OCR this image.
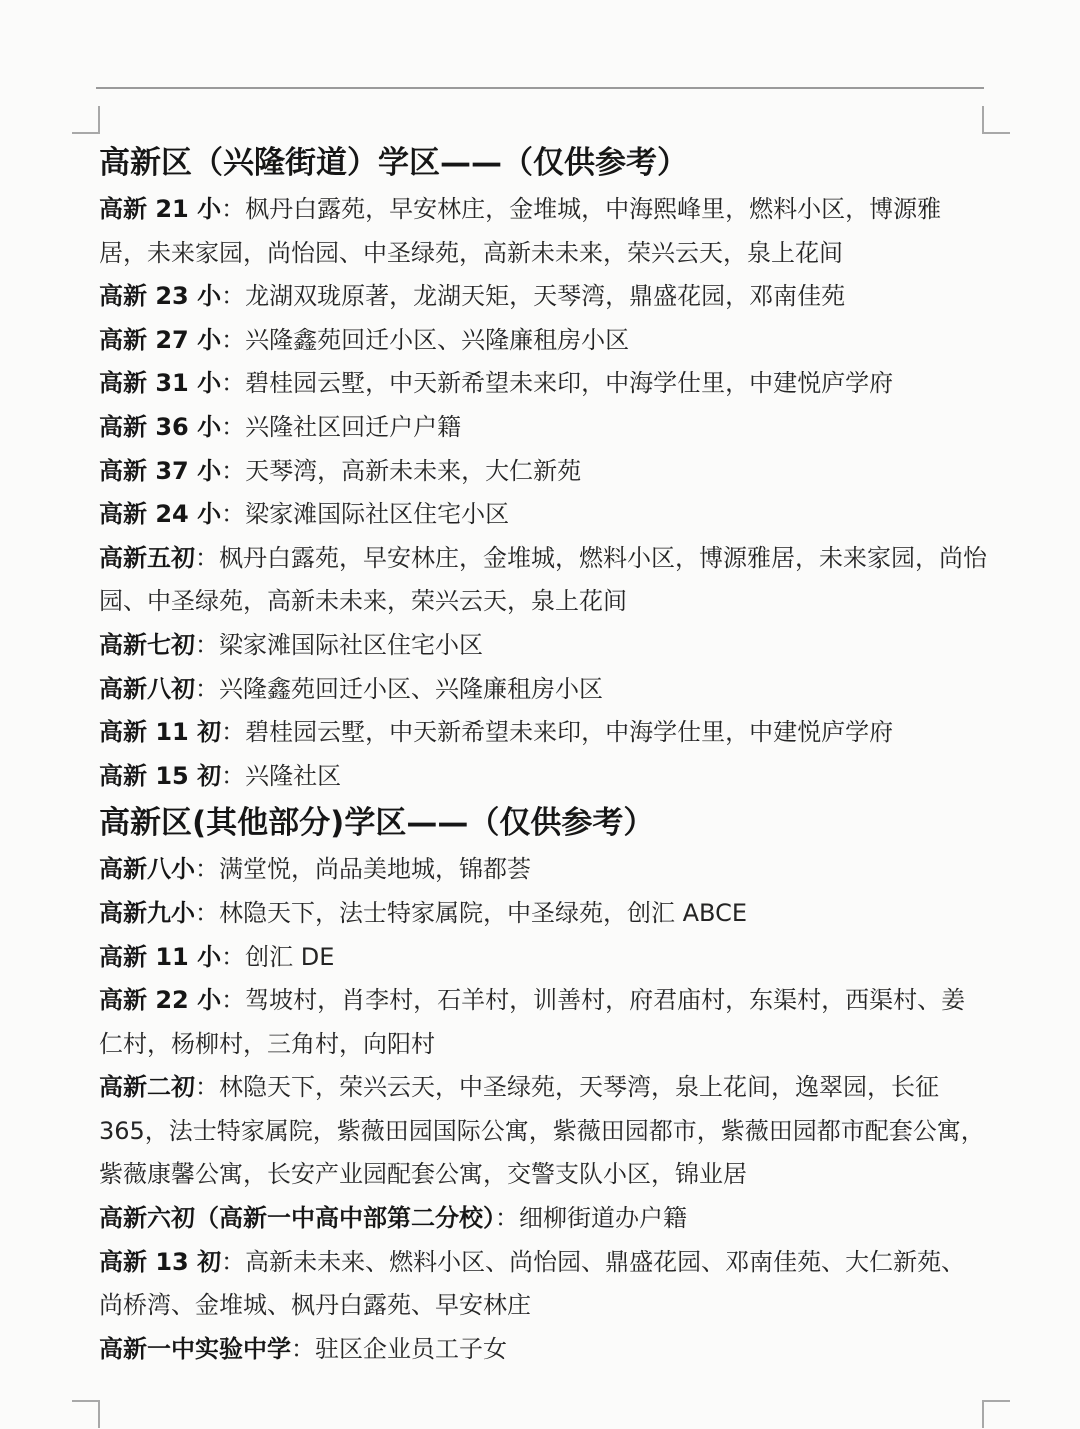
高新区（兴隆街道）学区——（仅供参考）

高新 21 小：枫丹白露苑，早安林庄，金堆城，中海熙峰里，燃料小区，博源雅居，未来家园，尚怡园、中圣绿苑，高新未未来，荣兴云天，泉上花间

高新 23 小：龙湖双珑原著，龙湖天矩，天琴湾，鼎盛花园，邓南佳苑

高新 27 小：兴隆鑫苑回迁小区、兴隆廉租房小区

高新 31 小：碧桂园云墅，中天新希望未来印，中海学仕里，中建悦庐学府

高新 36 小：兴隆社区回迁户户籍

高新 37 小：天琴湾，高新未未来，大仁新苑

高新 24 小：梁家滩国际社区住宅小区

高新五初：枫丹白露苑，早安林庄，金堆城，燃料小区，博源雅居，未来家园，尚怡园、中圣绿苑，高新未未来，荣兴云天，泉上花间

高新七初：梁家滩国际社区住宅小区

高新八初：兴隆鑫苑回迁小区、兴隆廉租房小区

高新 11 初：碧桂园云墅，中天新希望未来印，中海学仕里，中建悦庐学府

高新 15 初：兴隆社区

高新区(其他部分)学区——（仅供参考）

高新八小：满堂悦，尚品美地城，锦都荟

高新九小：林隐天下，法士特家属院，中圣绿苑，创汇 ABCE

高新 11 小：创汇 DE

高新 22 小：驾坡村，肖李村，石羊村，训善村，府君庙村，东渠村，西渠村、姜仁村，杨柳村，三角村，向阳村

高新二初：林隐天下，荣兴云天，中圣绿苑，天琴湾，泉上花间，逸翠园，长征 365，法士特家属院，紫薇田园国际公寓，紫薇田园都市，紫薇田园都市配套公寓，紫薇康馨公寓，长安产业园配套公寓，交警支队小区，锦业居

高新六初（高新一中高中部第二分校）：细柳街道办户籍

高新 13 初：高新未未来、燃料小区、尚怡园、鼎盛花园、邓南佳苑、大仁新苑、尚桥湾、金堆城、枫丹白露苑、早安林庄

高新一中实验中学：驻区企业员工子女
